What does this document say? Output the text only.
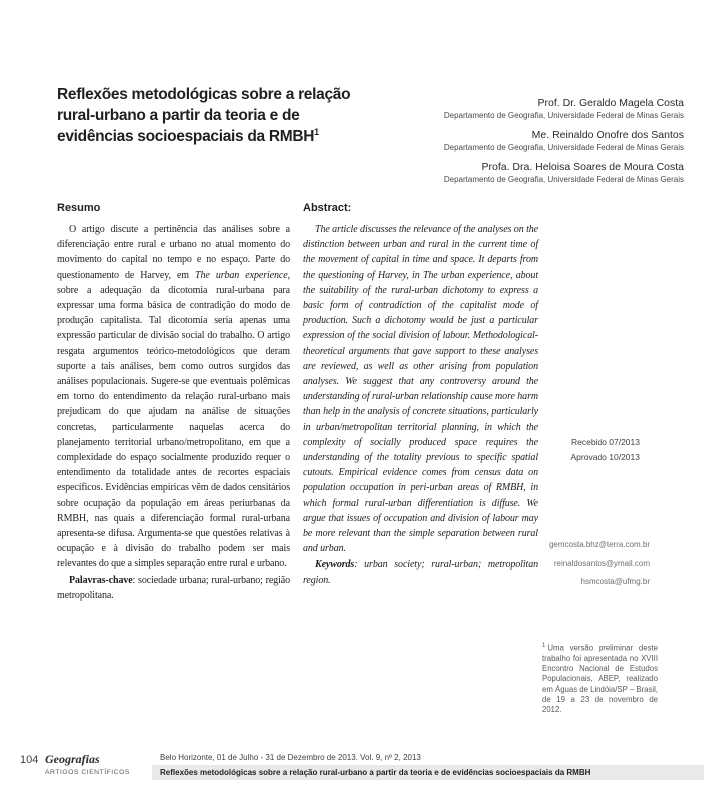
Reflexões metodológicas sobre a relação rural-urbano a partir da teoria e de evidências socioespaciais da RMBH$^1$
Prof. Dr. Geraldo Magela Costa
Departamento de Geografia, Universidade Federal de Minas Gerais
Me. Reinaldo Onofre dos Santos
Departamento de Geografia, Universidade Federal de Minas Gerais
Profa. Dra. Heloisa Soares de Moura Costa
Departamento de Geografia, Universidade Federal de Minas Gerais
Resumo

O artigo discute a pertinência das análises sobre a diferenciação entre rural e urbano no atual momento do movimento do capital no tempo e no espaço. Parte do questionamento de Harvey, em The urban experience, sobre a adequação da dicotomia rural-urbana para expressar uma forma básica de contradição do modo de produção capitalista. Tal dicotomia seria apenas uma expressão particular de divisão social do trabalho. O artigo resgata argumentos teórico-metodológicos que deram suporte a tais análises, bem como outros surgidos das análises populacionais. Sugere-se que eventuais polêmicas em torno do entendimento da relação rural-urbano mais prejudicam do que ajudam na análise de situações concretas, particularmente naquelas acerca do planejamento territorial urbano/metropolitano, em que a complexidade do espaço socialmente produzido requer o entendimento da totalidade antes de recortes espaciais específicos. Evidências empíricas vêm de dados censitários sobre ocupação da população em áreas periurbanas da RMBH, nas quais a diferenciação formal rural-urbana apresenta-se difusa. Argumenta-se que questões relativas à ocupação e à divisão do trabalho podem ser mais relevantes do que a simples separação entre rural e urbano.

Palavras-chave: sociedade urbana; rural-urbano; região metropolitana.

Abstract:

The article discusses the relevance of the analyses on the distinction between urban and rural in the current time of the movement of capital in time and space. It departs from the questioning of Harvey, in The urban experience, about the suitability of the rural-urban dichotomy to express a basic form of contradiction of the capitalist mode of production. Such a dichotomy would be just a particular expression of the social division of labour. Methodological-theoretical arguments that gave support to these analyses are reviewed, as well as other arising from population analyses. We suggest that any controversy around the understanding of rural-urban relationship cause more harm than help in the analysis of concrete situations, particularly in urban/metropolitan territorial planning, in which the complexity of socially produced space requires the understanding of the totality previous to specific spatial cutouts. Empirical evidence comes from census data on population occupation in peri-urban areas of RMBH, in which formal rural-urban differentiation is diffuse. We argue that issues of occupation and division of labour may be more relevant than the simple separation between rural and urban.

Keywords: urban society; rural-urban; metropolitan region.

Recebido 07/2013
Aprovado 10/2013
gemcosta.bhz@terra.com.br
reinaldosantos@ymail.com
hsmcosta@ufmg.br
$^1$ Uma versão preliminar deste trabalho foi apresentada no XVIII Encontro Nacional de Estudos Populacionais, ABEP, realizado em Águas de Lindóia/SP – Brasil, de 19 a 23 de novembro de 2012.
104 Geografias
ARTIGOS CIENTÍFICOS
Belo Horizonte, 01 de Julho - 31 de Dezembro de 2013. Vol. 9, nº 2, 2013
Reflexões metodológicas sobre a relação rural-urbano a partir da teoria e de evidências socioespaciais da RMBH
